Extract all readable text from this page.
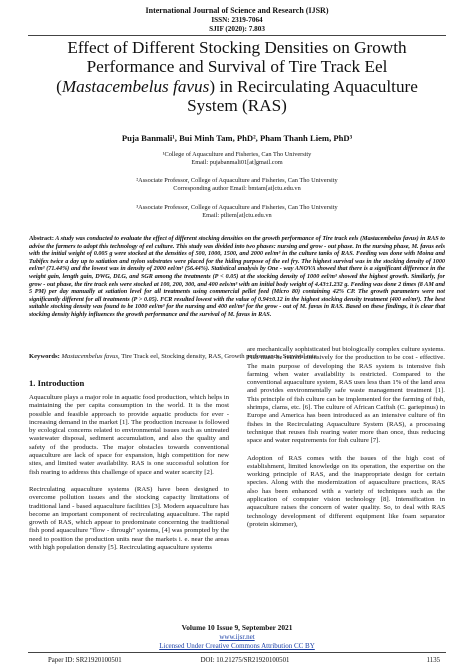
International Journal of Science and Research (IJSR)
ISSN: 2319-7064
SJIF (2020): 7.803
Effect of Different Stocking Densities on Growth Performance and Survival of Tire Track Eel (Mastacembelus favus) in Recirculating Aquaculture System (RAS)
Puja Banmali¹, Bui Minh Tam, PhD², Pham Thanh Liem, PhD³
¹College of Aquaculture and Fisheries, Can Tho University
Email: pujabanmali01[at]gmail.com
²Associate Professor, College of Aquaculture and Fisheries, Can Tho University
Corresponding author Email: bmtam[at]ctu.edu.vn
³Associate Professor, College of Aquaculture and Fisheries, Can Tho University
Email: ptliem[at]ctu.edu.vn
Abstract: A study was conducted to evaluate the effect of different stocking densities on the growth performance of Tire track eels (Mastacembelus favus) in RAS to advise the farmers to adopt this technology of eel culture. This study was divided into two phases: nursing and grow - out phase. In the nursing phase, M. favus eels with the initial weight of 0.005 g were stocked at the densities of 500, 1000, 1500, and 2000 eel/m³ in the culture tanks of RAS. Feeding was done with Moina and Tubifex twice a day up to satiation and nylon substrates were placed for the hiding purpose of the eel fry. The highest survival was in the stocking density of 1000 eel/m³ (71.44%) and the lowest was in density of 2000 eel/m³ (56.44%). Statistical analysis by One - way ANOVA showed that there is a significant difference in the weight gain, length gain, DWG, DLG, and SGR among the treatments (P < 0.05) at the stocking density of 1000 eel/m³ showed the highest growth. Similarly, for grow - out phase, the tire track eels were stocked at 100, 200, 300, and 400 eels/m³ with an initial body weight of 4.43±1.232 g. Feeding was done 2 times (8 AM and 5 PM) per day manually at satiation level for all treatments using commercial pellet feed (Micro 80) containing 42% CP. The growth parameters were not significantly different for all treatments (P > 0.05). FCR resulted lowest with the value of 0.94±0.12 in the highest stocking density treatment (400 eel/m³). The best suitable stocking density was found to be 1000 eel/m³ for the nursing and 400 eel/m³ for the grow - out of M. favus in RAS. Based on these findings, it is clear that stocking density highly influences the growth performance and the survival of M. favus in RAS.
Keywords: Mastacembelus favus, Tire Track eel, Stocking density, RAS, Growth performance, Survival rate
1. Introduction

Aquaculture plays a major role in aquatic food production, which helps in maintaining the per capita consumption in the world. It is the most possible and feasible approach to provide aquatic products for ever - increasing demand in the market [1]. The production increase is followed by ecological concerns related to environmental issues such as untreated wastewater disposal, sediment accumulation, and also the quality and safety of the products. The major obstacles towards conventional aquaculture are lack of space for expansion, high competition for new sites, and limited water availability. RAS is one successful solution for fish rearing to address this challenge of space and water scarcity [2].

Recirculating aquaculture systems (RAS) have been designed to overcome pollution issues and the stocking capacity limitations of traditional land - based aquaculture facilities [3]. Modern aquaculture has become an important component of recirculating aquaculture. The rapid growth of RAS, which appear to predominate concerning the traditional fish pond aquaculture "flow - through" systems, [4] was prompted by the need to position the production units near the markets i. e. near the areas with high population density [5]. Recirculating aquaculture systems

are mechanically sophisticated but biologically complex culture systems. Fish must be reared intensively for the production to be cost - effective. The main purpose of developing the RAS system is intensive fish farming when water availability is restricted. Compared to the conventional aquaculture system, RAS uses less than 1% of the land area and provides environmentally safe waste management treatment [1]. This principle of fish culture can be implemented for the farming of fish, shrimps, clams, etc. [6]. The culture of African Catfish (C. gariepinus) in Europe and America has been introduced as an intensive culture of fin fishes in the Recirculating Aquaculture System (RAS), a processing technique that reuses fish rearing water more than once, thus reducing space and water requirements for fish culture [7].

Adoption of RAS comes with the issues of the high cost of establishment, limited knowledge on its operation, the expertise on the working principle of RAS, and the inappropriate design for certain species. Along with the modernization of aquaculture practices, RAS also has been enhanced with a variety of techniques such as the application of computer vision technology [8]. Intensification in aquaculture raises the concern of water quality. So, to deal with RAS technology development of different equipment like foam separator (protein skimmer),

Volume 10 Issue 9, September 2021
www.ijsr.net
Licensed Under Creative Commons Attribution CC BY
Paper ID: SR21920100501	DOI: 10.21275/SR21920100501	1135
